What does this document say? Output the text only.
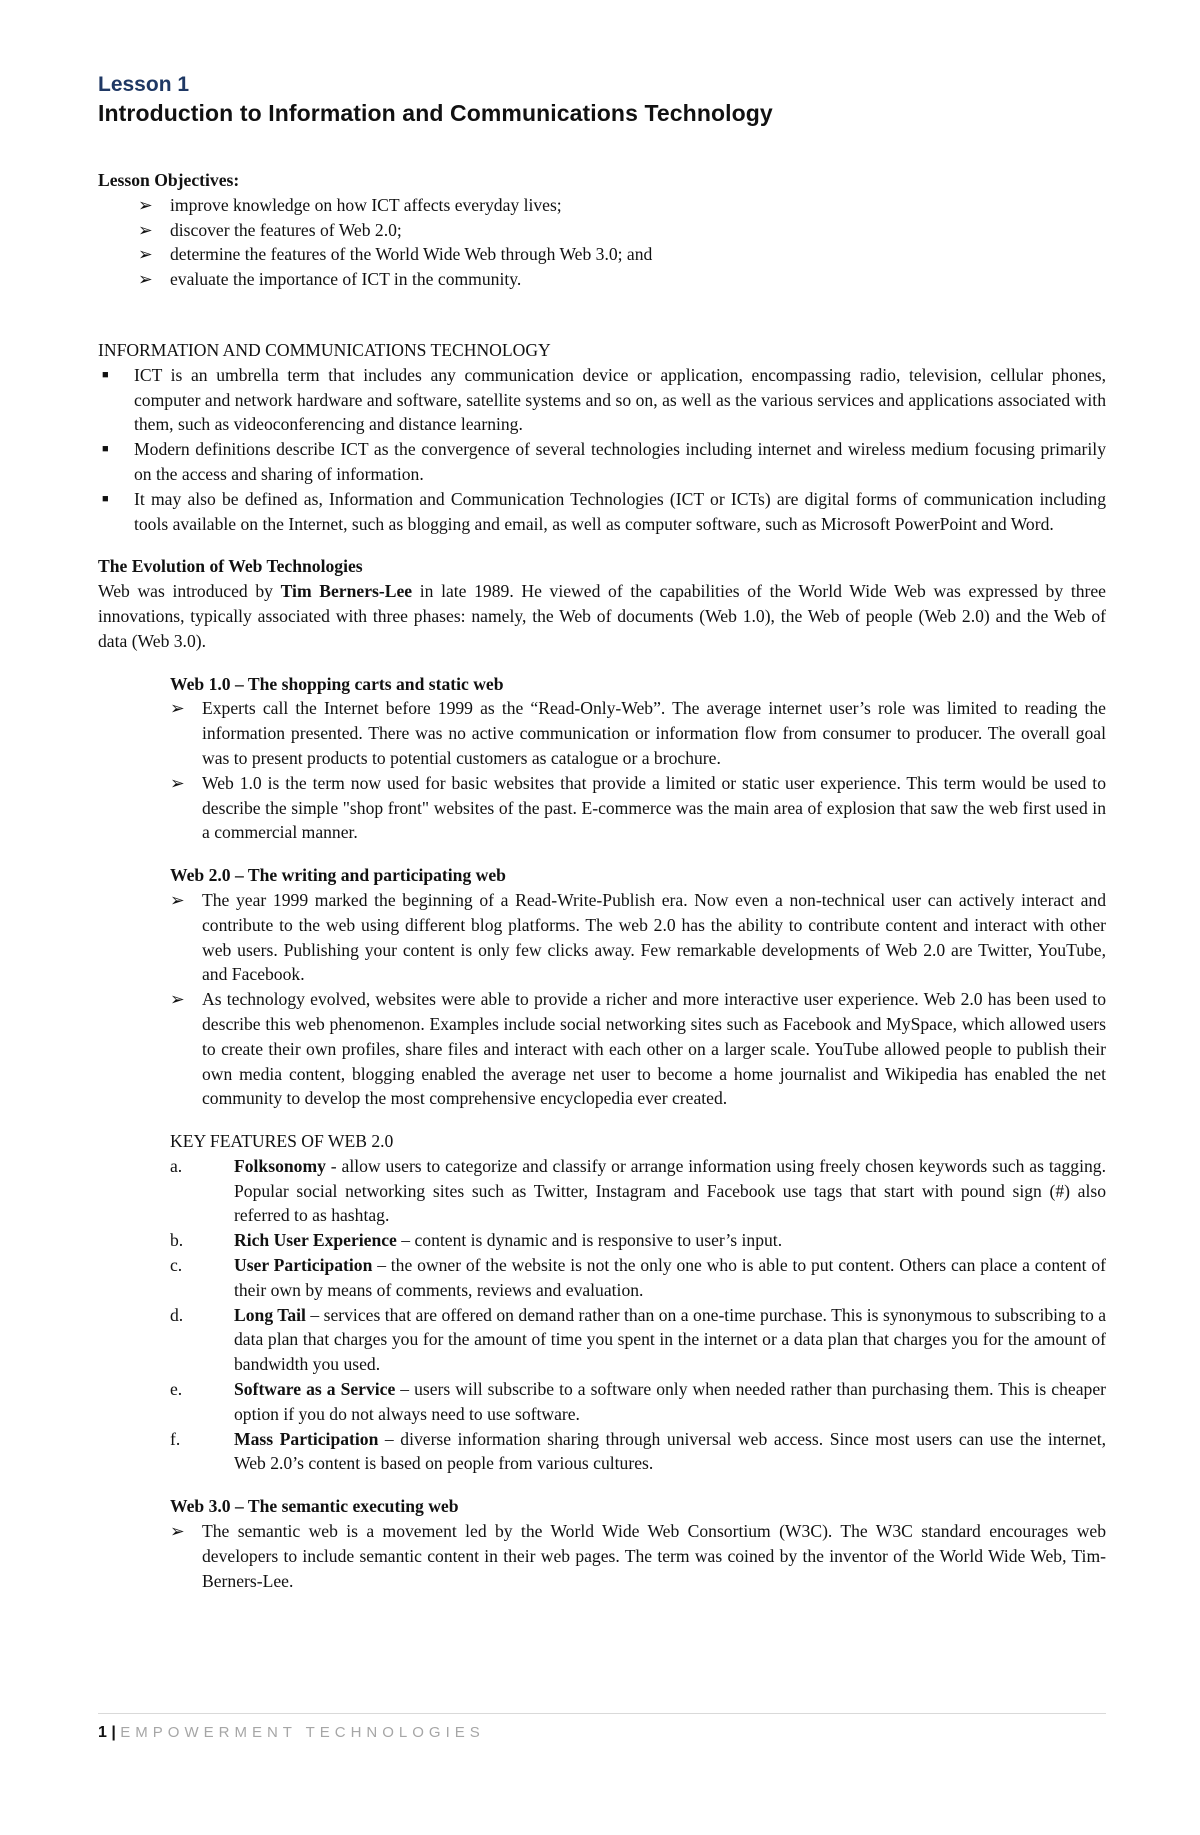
Lesson 1
Introduction to Information and Communications Technology
Lesson Objectives:
➢ improve knowledge on how ICT affects everyday lives;
➢ discover the features of Web 2.0;
➢ determine the features of the World Wide Web through Web 3.0; and
➢ evaluate the importance of ICT in the community.
INFORMATION AND COMMUNICATIONS TECHNOLOGY
■ ICT is an umbrella term that includes any communication device or application, encompassing radio, television, cellular phones, computer and network hardware and software, satellite systems and so on, as well as the various services and applications associated with them, such as videoconferencing and distance learning.
■ Modern definitions describe ICT as the convergence of several technologies including internet and wireless medium focusing primarily on the access and sharing of information.
■ It may also be defined as, Information and Communication Technologies (ICT or ICTs) are digital forms of communication including tools available on the Internet, such as blogging and email, as well as computer software, such as Microsoft PowerPoint and Word.
The Evolution of Web Technologies

Web was introduced by Tim Berners-Lee in late 1989. He viewed of the capabilities of the World Wide Web was expressed by three innovations, typically associated with three phases: namely, the Web of documents (Web 1.0), the Web of people (Web 2.0) and the Web of data (Web 3.0).

Web 1.0 – The shopping carts and static web
➢ Experts call the Internet before 1999 as the “Read-Only-Web”. The average internet user’s role was limited to reading the information presented. There was no active communication or information flow from consumer to producer. The overall goal was to present products to potential customers as catalogue or a brochure.
➢ Web 1.0 is the term now used for basic websites that provide a limited or static user experience. This term would be used to describe the simple "shop front" websites of the past. E-commerce was the main area of explosion that saw the web first used in a commercial manner.
Web 2.0 – The writing and participating web
➢ The year 1999 marked the beginning of a Read-Write-Publish era. Now even a non-technical user can actively interact and contribute to the web using different blog platforms. The web 2.0 has the ability to contribute content and interact with other web users. Publishing your content is only few clicks away. Few remarkable developments of Web 2.0 are Twitter, YouTube, and Facebook.
➢ As technology evolved, websites were able to provide a richer and more interactive user experience. Web 2.0 has been used to describe this web phenomenon. Examples include social networking sites such as Facebook and MySpace, which allowed users to create their own profiles, share files and interact with each other on a larger scale. YouTube allowed people to publish their own media content, blogging enabled the average net user to become a home journalist and Wikipedia has enabled the net community to develop the most comprehensive encyclopedia ever created.
KEY FEATURES OF WEB 2.0
a.	Folksonomy - allow users to categorize and classify or arrange information using freely chosen keywords such as tagging. Popular social networking sites such as Twitter, Instagram and Facebook use tags that start with pound sign (#) also referred to as hashtag.
b.	Rich User Experience – content is dynamic and is responsive to user’s input.
c.	User Participation – the owner of the website is not the only one who is able to put content. Others can place a content of their own by means of comments, reviews and evaluation.
d.	Long Tail – services that are offered on demand rather than on a one-time purchase. This is synonymous to subscribing to a data plan that charges you for the amount of time you spent in the internet or a data plan that charges you for the amount of bandwidth you used.
e.	Software as a Service – users will subscribe to a software only when needed rather than purchasing them. This is cheaper option if you do not always need to use software.
f.	Mass Participation – diverse information sharing through universal web access. Since most users can use the internet, Web 2.0’s content is based on people from various cultures.
Web 3.0 – The semantic executing web
➢ The semantic web is a movement led by the World Wide Web Consortium (W3C). The W3C standard encourages web developers to include semantic content in their web pages. The term was coined by the inventor of the World Wide Web, Tim-Berners-Lee.
1 | EMPOWERMENT TECHNOLOGIES
